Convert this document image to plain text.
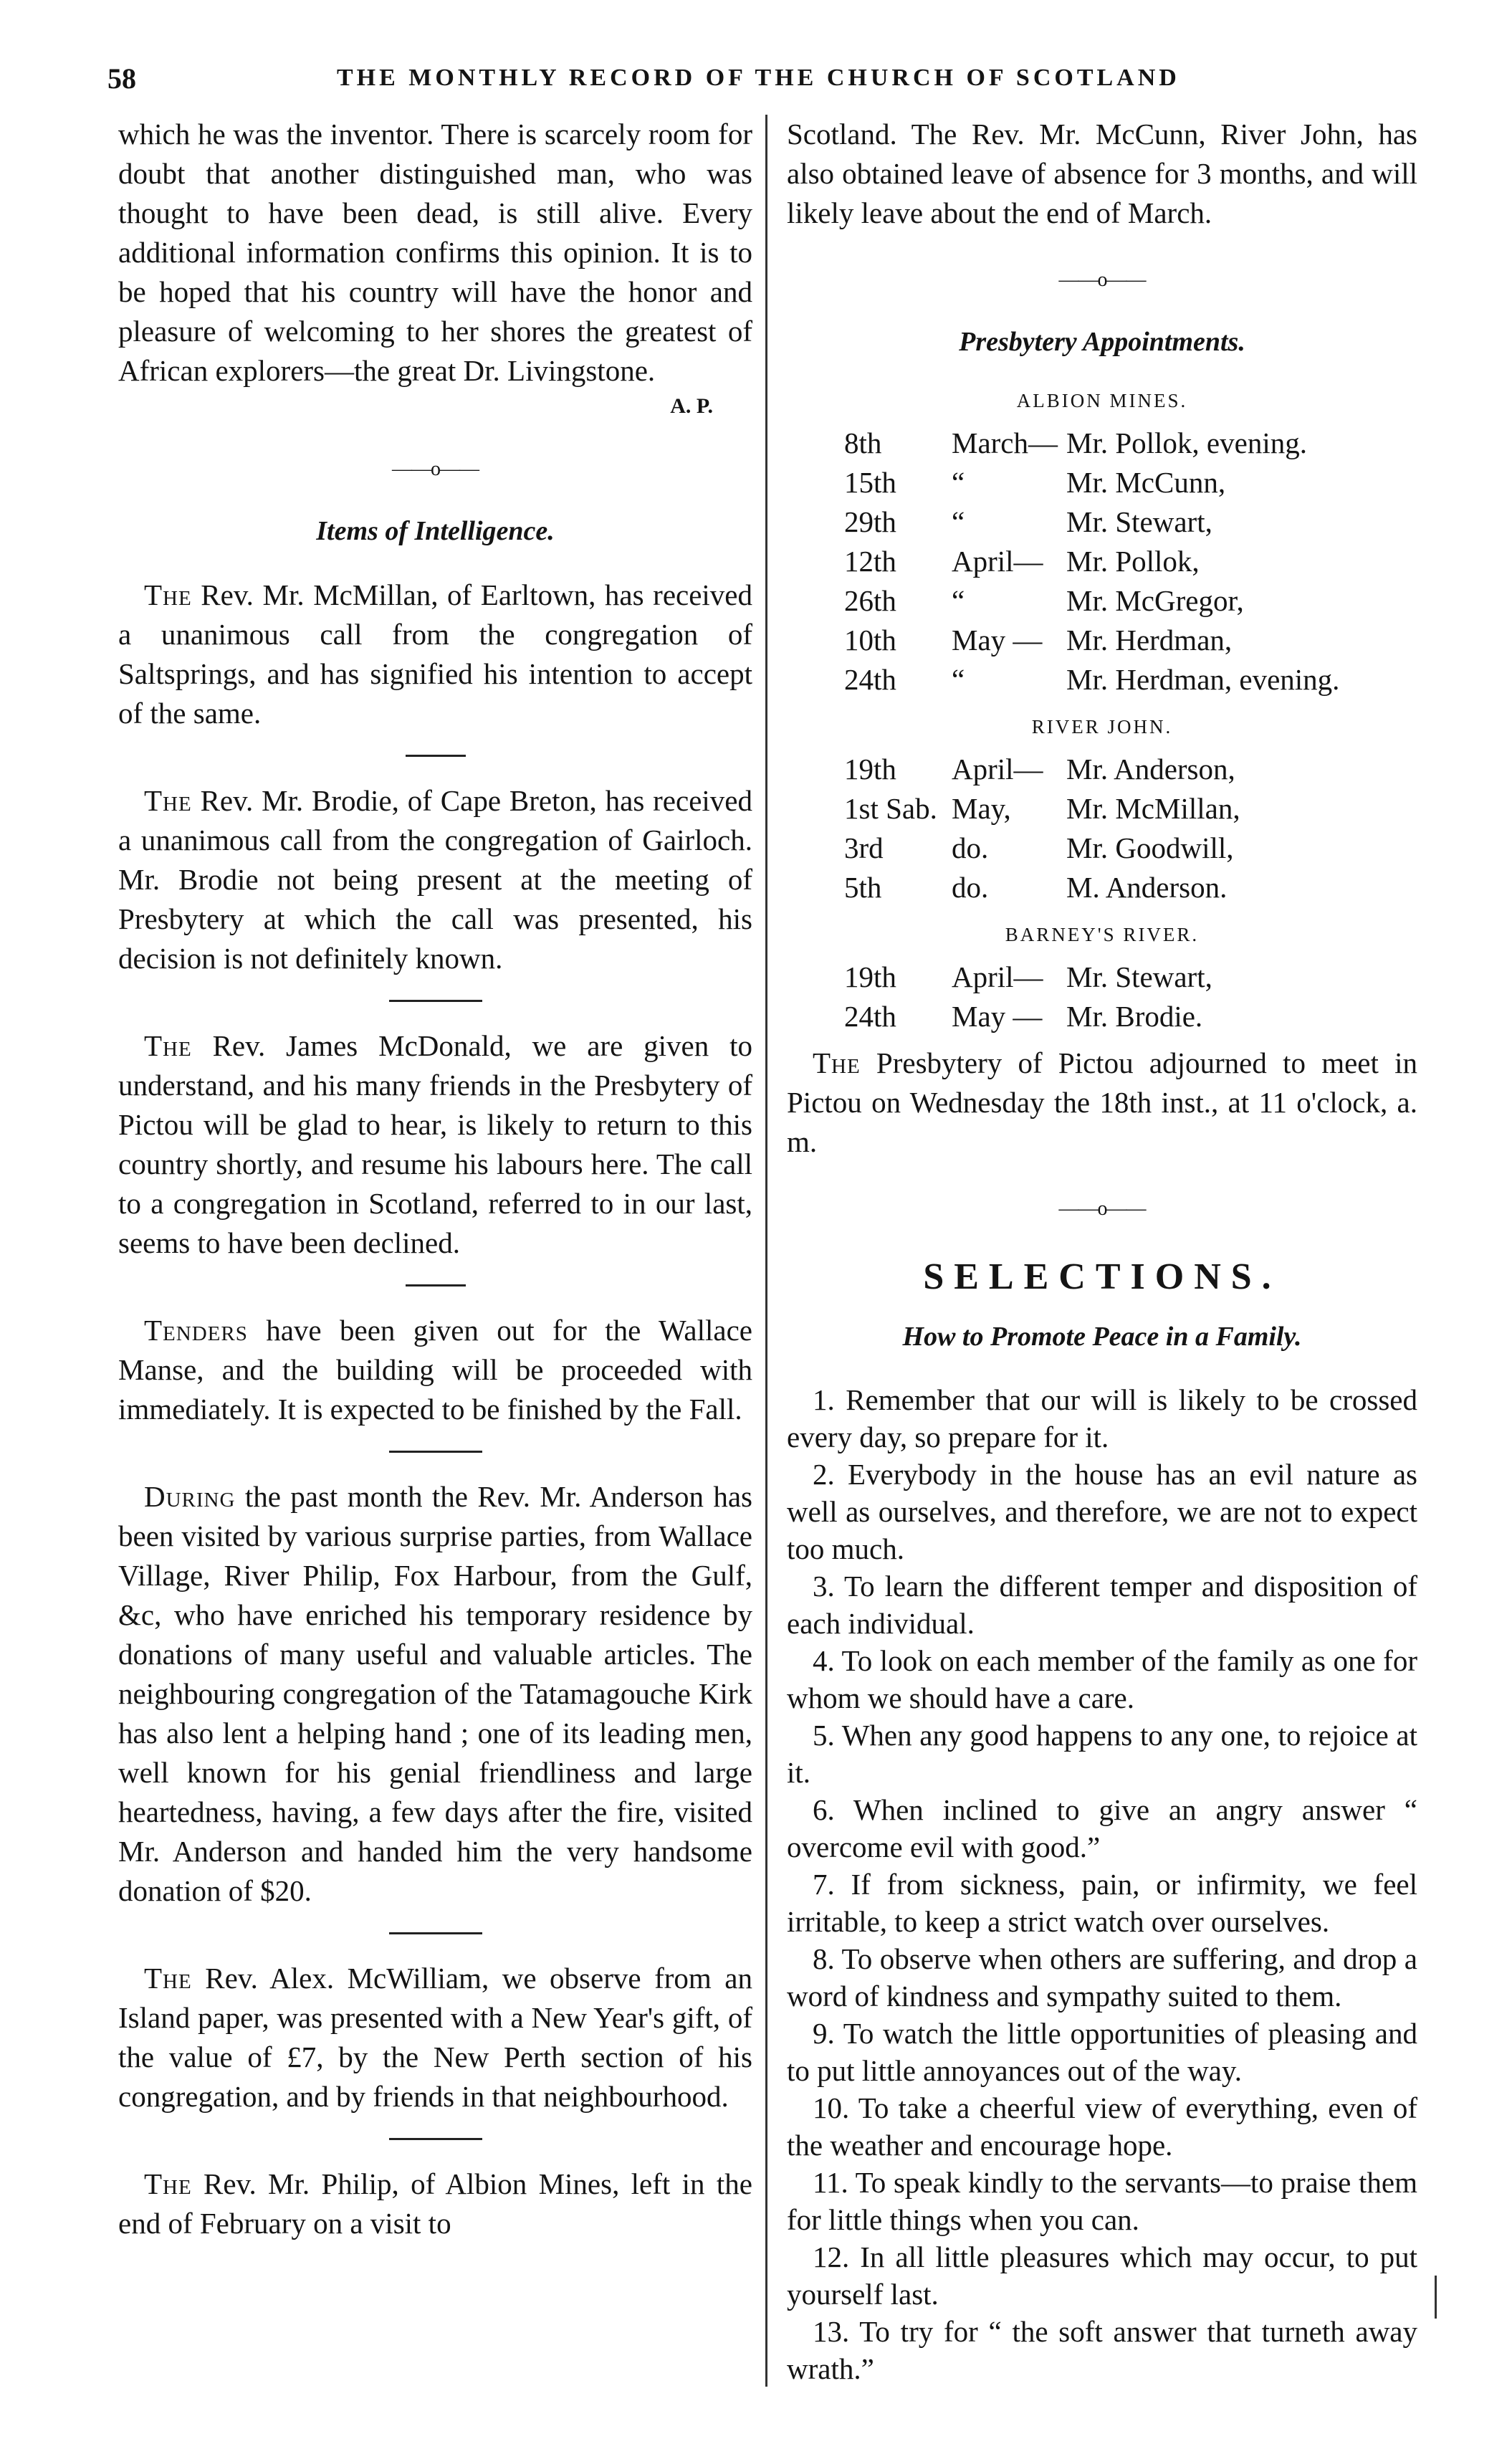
58	THE MONTHLY RECORD OF THE CHURCH OF SCOTLAND

which he was the inventor. There is scarcely room for doubt that another distinguished man, who was thought to have been dead, is still alive. Every additional information confirms this opinion. It is to be hoped that his country will have the honor and pleasure of welcoming to her shores the greatest of African explorers—the great Dr. Livingstone.

A. P.

——o——
Items of Intelligence.

The Rev. Mr. McMillan, of Earltown, has received a unanimous call from the congregation of Saltsprings, and has signified his intention to accept of the same.

The Rev. Mr. Brodie, of Cape Breton, has received a unanimous call from the congregation of Gairloch. Mr. Brodie not being present at the meeting of Presbytery at which the call was presented, his decision is not definitely known.

The Rev. James McDonald, we are given to understand, and his many friends in the Presbytery of Pictou will be glad to hear, is likely to return to this country shortly, and resume his labours here. The call to a congregation in Scotland, referred to in our last, seems to have been declined.

Tenders have been given out for the Wallace Manse, and the building will be proceeded with immediately. It is expected to be finished by the Fall.

During the past month the Rev. Mr. Anderson has been visited by various surprise parties, from Wallace Village, River Philip, Fox Harbour, from the Gulf, &c, who have enriched his temporary residence by donations of many useful and valuable articles. The neighbouring congregation of the Tatamagouche Kirk has also lent a helping hand ; one of its leading men, well known for his genial friendliness and large heartedness, having, a few days after the fire, visited Mr. Anderson and handed him the very handsome donation of $20.

The Rev. Alex. McWilliam, we observe from an Island paper, was presented with a New Year's gift, of the value of £7, by the New Perth section of his congregation, and by friends in that neighbourhood.

The Rev. Mr. Philip, of Albion Mines, left in the end of February on a visit to

Scotland. The Rev. Mr. McCunn, River John, has also obtained leave of absence for 3 months, and will likely leave about the end of March.

——o——
Presbytery Appointments.
ALBION MINES.
8th	March— Mr. Pollok, evening.
15th	“	Mr. McCunn,
29th	“	Mr. Stewart,
12th	April— Mr. Pollok,
26th	“	Mr. McGregor,
10th	May — Mr. Herdman,
24th	“	Mr. Herdman, evening.
RIVER JOHN.
19th	April— Mr. Anderson,
1st Sab. May,	Mr. McMillan,
3rd	do.	Mr. Goodwill,
5th	do.	M. Anderson.
BARNEY'S RIVER.
19th	April— Mr. Stewart,
24th	May — Mr. Brodie.

The Presbytery of Pictou adjourned to meet in Pictou on Wednesday the 18th inst., at 11 o'clock, a. m.

——o——
SELECTIONS.
How to Promote Peace in a Family.

1. Remember that our will is likely to be crossed every day, so prepare for it.

2. Everybody in the house has an evil nature as well as ourselves, and therefore, we are not to expect too much.

3. To learn the different temper and disposition of each individual.

4. To look on each member of the family as one for whom we should have a care.

5. When any good happens to any one, to rejoice at it.

6. When inclined to give an angry answer “ overcome evil with good.”

7. If from sickness, pain, or infirmity, we feel irritable, to keep a strict watch over ourselves.

8. To observe when others are suffering, and drop a word of kindness and sympathy suited to them.

9. To watch the little opportunities of pleasing and to put little annoyances out of the way.

10. To take a cheerful view of everything, even of the weather and encourage hope.

11. To speak kindly to the servants—to praise them for little things when you can.

12. In all little pleasures which may occur, to put yourself last.

13. To try for “ the soft answer that turneth away wrath.”
